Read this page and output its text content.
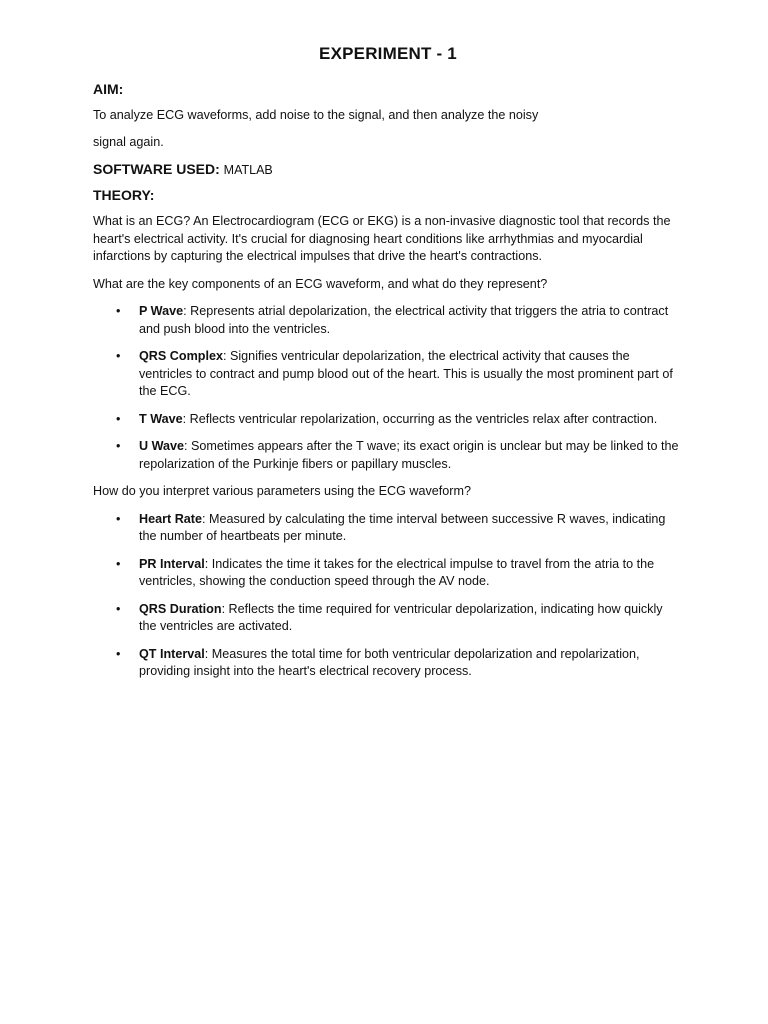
EXPERIMENT - 1
AIM:

To analyze ECG waveforms, add noise to the signal, and then analyze the noisy

signal again.

SOFTWARE USED: MATLAB
THEORY:

What is an ECG? An Electrocardiogram (ECG or EKG) is a non-invasive diagnostic tool that records the heart's electrical activity. It's crucial for diagnosing heart conditions like arrhythmias and myocardial infarctions by capturing the electrical impulses that drive the heart's contractions.

What are the key components of an ECG waveform, and what do they represent?

• P Wave: Represents atrial depolarization, the electrical activity that triggers the atria to contract and push blood into the ventricles.
• QRS Complex: Signifies ventricular depolarization, the electrical activity that causes the ventricles to contract and pump blood out of the heart. This is usually the most prominent part of the ECG.
• T Wave: Reflects ventricular repolarization, occurring as the ventricles relax after contraction.
• U Wave: Sometimes appears after the T wave; its exact origin is unclear but may be linked to the repolarization of the Purkinje fibers or papillary muscles.

How do you interpret various parameters using the ECG waveform?

• Heart Rate: Measured by calculating the time interval between successive R waves, indicating the number of heartbeats per minute.
• PR Interval: Indicates the time it takes for the electrical impulse to travel from the atria to the ventricles, showing the conduction speed through the AV node.
• QRS Duration: Reflects the time required for ventricular depolarization, indicating how quickly the ventricles are activated.
• QT Interval: Measures the total time for both ventricular depolarization and repolarization, providing insight into the heart's electrical recovery process.
